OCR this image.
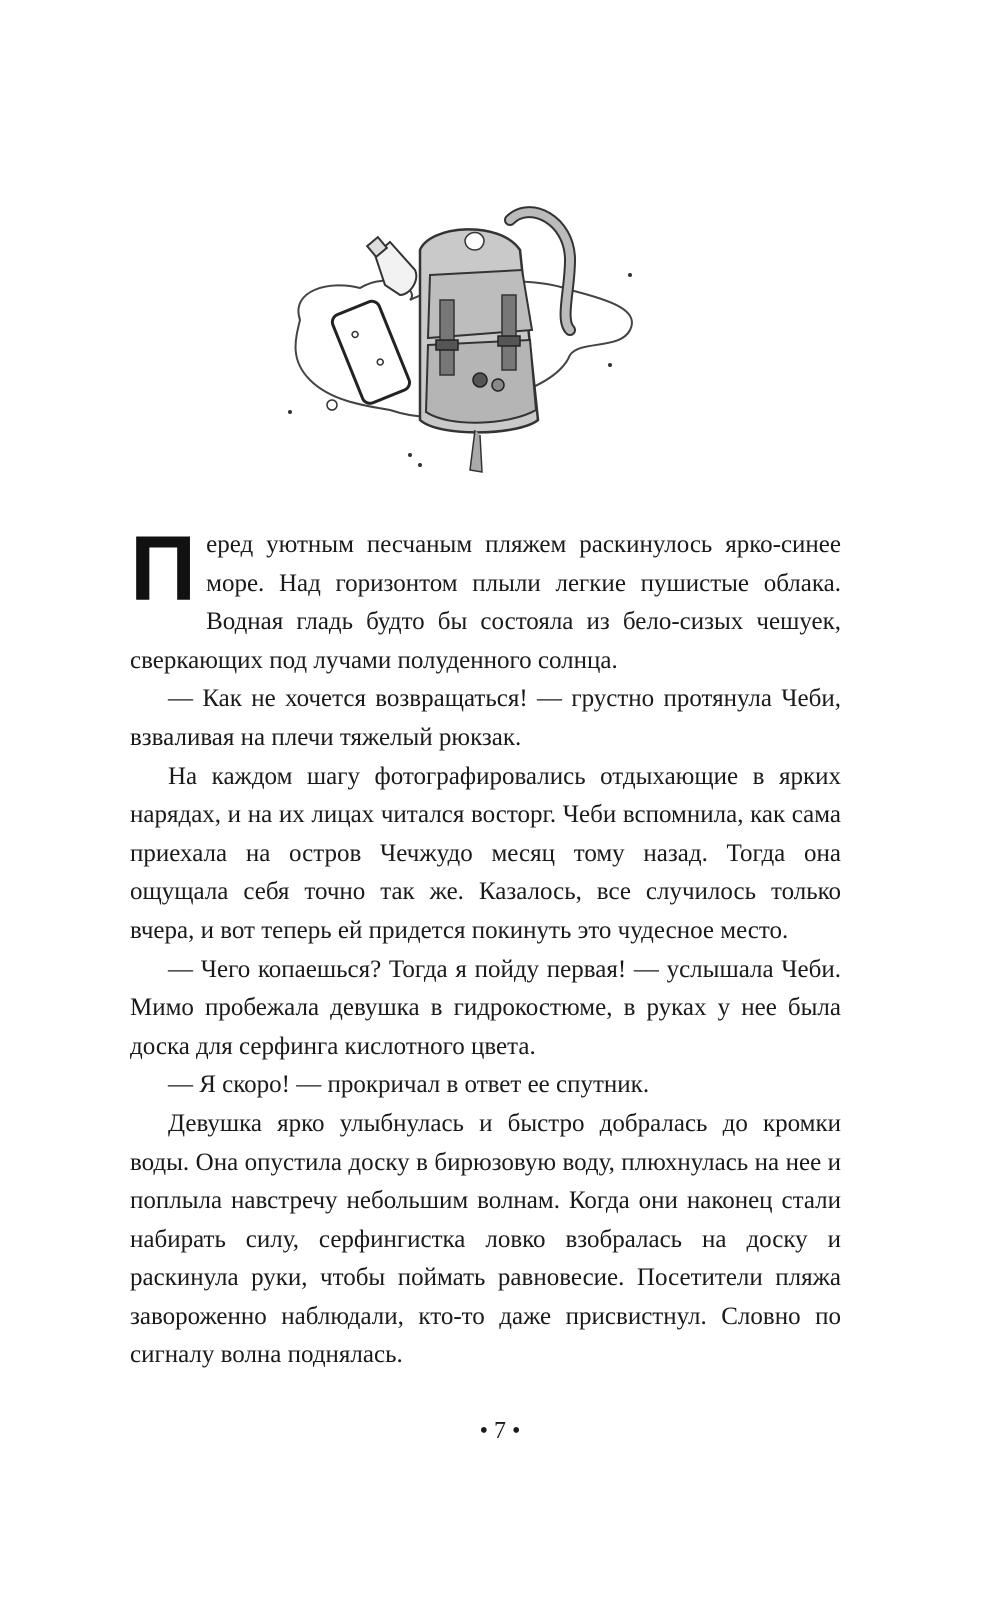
Перед уютным песчаным пляжем раскинулось ярко-синее море. Над горизонтом плыли легкие пушистые облака. Водная гладь будто бы состояла из бело-сизых чешуек, сверкающих под лучами полуденного солнца.

— Как не хочется возвращаться! — грустно протянула Чеби, взваливая на плечи тяжелый рюкзак.

На каждом шагу фотографировались отдыхающие в ярких нарядах, и на их лицах читался восторг. Чеби вспомнила, как сама приехала на остров Чечжудо месяц тому назад. Тогда она ощущала себя точно так же. Казалось, все случилось только вчера, и вот теперь ей придется покинуть это чудесное место.

— Чего копаешься? Тогда я пойду первая! — услышала Чеби. Мимо пробежала девушка в гидрокостюме, в руках у нее была доска для серфинга кислотного цвета.

— Я скоро! — прокричал в ответ ее спутник.

Девушка ярко улыбнулась и быстро добралась до кромки воды. Она опустила доску в бирюзовую воду, плюхнулась на нее и поплыла навстречу небольшим волнам. Когда они наконец стали набирать силу, серфингистка ловко взобралась на доску и раскинула руки, чтобы поймать равновесие. Посетители пляжа завороженно наблюдали, кто-то даже присвистнул. Словно по сигналу волна поднялась.

• 7 •
